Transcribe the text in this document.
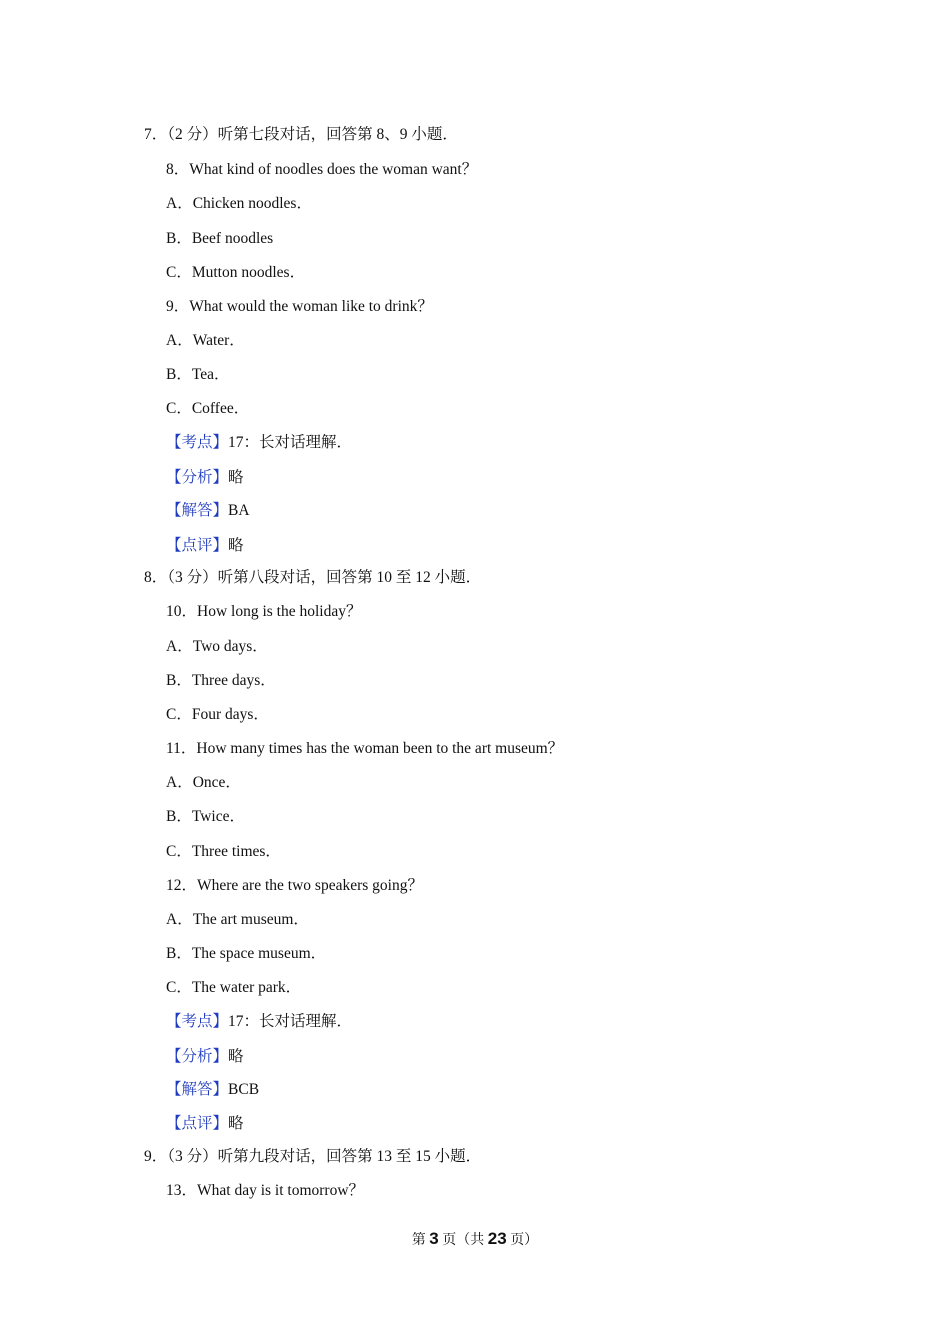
7．（2 分）听第七段对话，回答第 8、9 小题．
8．What kind of noodles does the woman want？
A．Chicken noodles．
B．Beef noodles
C．Mutton noodles．
9．What would the woman like to drink？
A．Water．
B．Tea．
C．Coffee．
【考点】17：长对话理解．
【分析】略
【解答】BA
【点评】略
8．（3 分）听第八段对话，回答第 10 至 12 小题．
10．How long is the holiday？
A．Two days．
B．Three days．
C．Four days．
11．How many times has the woman been to the art museum？
A．Once．
B．Twice．
C．Three times．
12．Where are the two speakers going？
A．The art museum．
B．The space museum．
C．The water park．
【考点】17：长对话理解．
【分析】略
【解答】BCB
【点评】略
9．（3 分）听第九段对话，回答第 13 至 15 小题．
13．What day is it tomorrow？
第 3 页（共 23 页）
